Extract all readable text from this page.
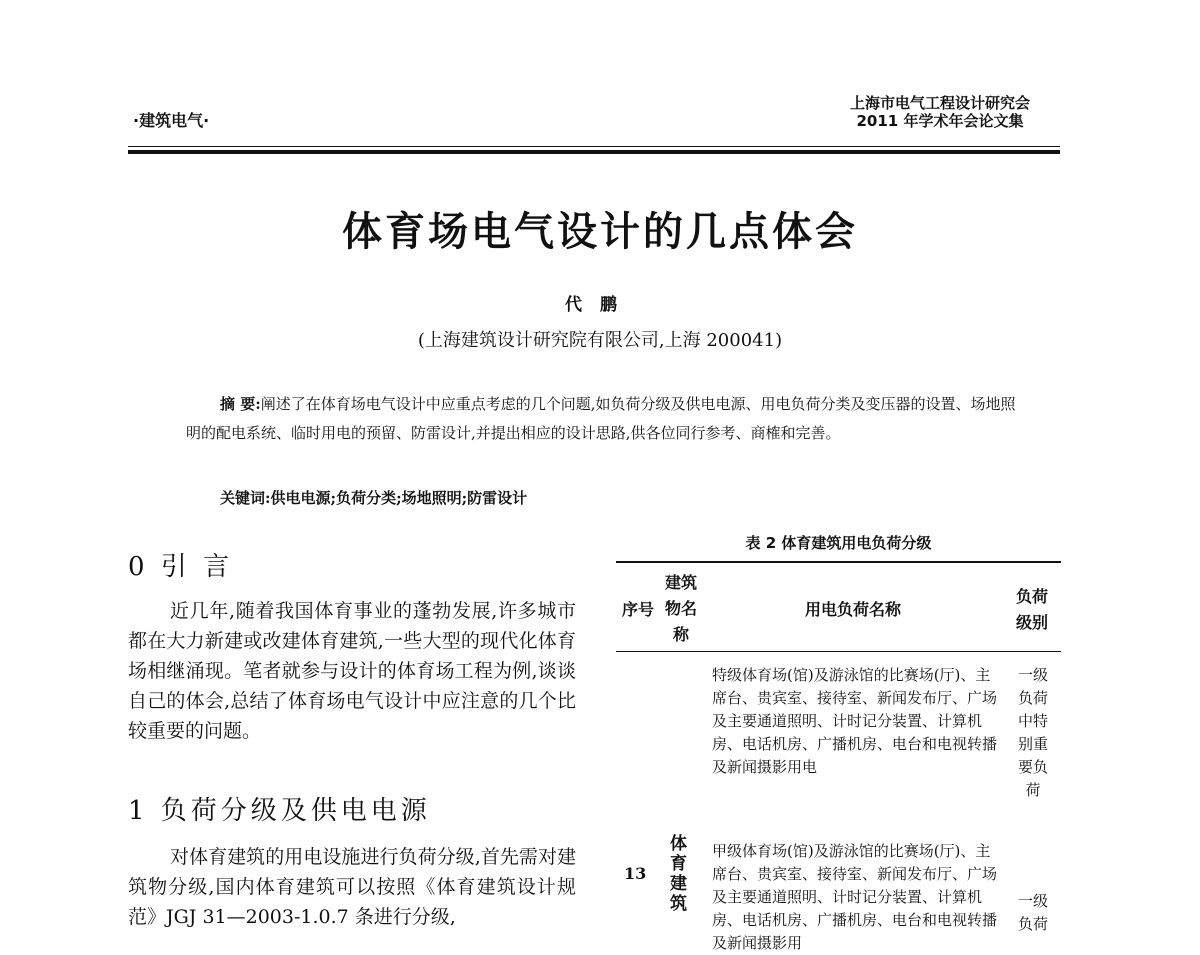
·建筑电气·
上海市电气工程设计研究会
2011 年学术年会论文集
体育场电气设计的几点体会
代鹏
(上海建筑设计研究院有限公司,上海 200041)
摘 要:阐述了在体育场电气设计中应重点考虑的几个问题,如负荷分级及供电电源、用电负荷分类及变压器的设置、场地照明的配电系统、临时用电的预留、防雷设计,并提出相应的设计思路,供各位同行参考、商榷和完善。
关键词:供电电源;负荷分类;场地照明;防雷设计
0 引 言
近几年,随着我国体育事业的蓬勃发展,许多城市都在大力新建或改建体育建筑,一些大型的现代化体育场相继涌现。笔者就参与设计的体育场工程为例,谈谈自己的体会,总结了体育场电气设计中应注意的几个比较重要的问题。
1 负荷分级及供电电源
对体育建筑的用电设施进行负荷分级,首先需对建筑物分级,国内体育建筑可以按照《体育建筑设计规范》JGJ 31—2003-1.0.7 条进行分级,
表 2 体育建筑用电负荷分级
序号
建筑物名称
用电负荷名称
负荷级别
13
体育建筑
特级体育场(馆)及游泳馆的比赛场(厅)、主席台、贵宾室、接待室、新闻发布厅、广场及主要通道照明、计时记分装置、计算机房、电话机房、广播机房、电台和电视转播及新闻摄影用电
一级负荷中特别重要负荷
甲级体育场(馆)及游泳馆的比赛场(厅)、主席台、贵宾室、接待室、新闻发布厅、广场及主要通道照明、计时记分装置、计算机房、电话机房、广播机房、电台和电视转播及新闻摄影用
一级负荷
